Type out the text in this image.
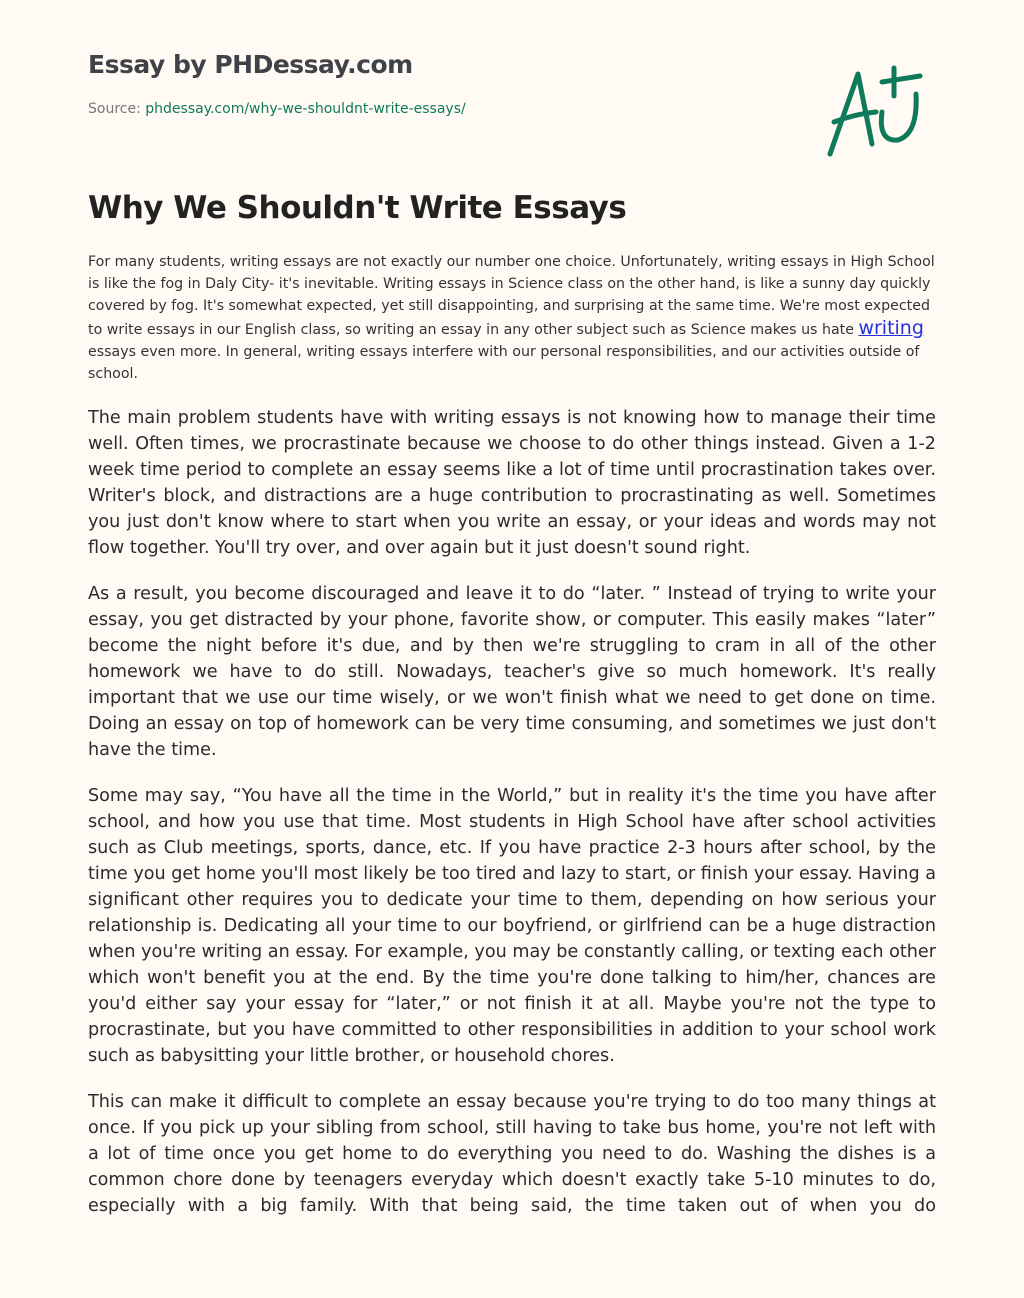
Essay by PHDessay.com
Source: phdessay.com/why-we-shouldnt-write-essays/
Why We Shouldn't Write Essays

For many students, writing essays are not exactly our number one choice. Unfortunately, writing essays in High School is like the fog in Daly City- it's inevitable. Writing essays in Science class on the other hand, is like a sunny day quickly covered by fog. It's somewhat expected, yet still disappointing, and surprising at the same time. We're most expected to write essays in our English class, so writing an essay in any other subject such as Science makes us hate writing essays even more. In general, writing essays interfere with our personal responsibilities, and our activities outside of school.

The main problem students have with writing essays is not knowing how to manage their time well. Often times, we procrastinate because we choose to do other things instead. Given a 1-2 week time period to complete an essay seems like a lot of time until procrastination takes over. Writer's block, and distractions are a huge contribution to procrastinating as well. Sometimes you just don't know where to start when you write an essay, or your ideas and words may not flow together. You'll try over, and over again but it just doesn't sound right.

As a result, you become discouraged and leave it to do “later. ” Instead of trying to write your essay, you get distracted by your phone, favorite show, or computer. This easily makes “later” become the night before it's due, and by then we're struggling to cram in all of the other homework we have to do still. Nowadays, teacher's give so much homework. It's really important that we use our time wisely, or we won't finish what we need to get done on time. Doing an essay on top of homework can be very time consuming, and sometimes we just don't have the time.

Some may say, “You have all the time in the World,” but in reality it's the time you have after school, and how you use that time. Most students in High School have after school activities such as Club meetings, sports, dance, etc. If you have practice 2-3 hours after school, by the time you get home you'll most likely be too tired and lazy to start, or finish your essay. Having a significant other requires you to dedicate your time to them, depending on how serious your relationship is. Dedicating all your time to our boyfriend, or girlfriend can be a huge distraction when you're writing an essay. For example, you may be constantly calling, or texting each other which won't benefit you at the end. By the time you're done talking to him/her, chances are you'd either say your essay for “later,” or not finish it at all. Maybe you're not the type to procrastinate, but you have committed to other responsibilities in addition to your school work such as babysitting your little brother, or household chores.

This can make it difficult to complete an essay because you're trying to do too many things at once. If you pick up your sibling from school, still having to take bus home, you're not left with a lot of time once you get home to do everything you need to do. Washing the dishes is a common chore done by teenagers everyday which doesn't exactly take 5-10 minutes to do, especially with a big family. With that being said, the time taken out of when you do
